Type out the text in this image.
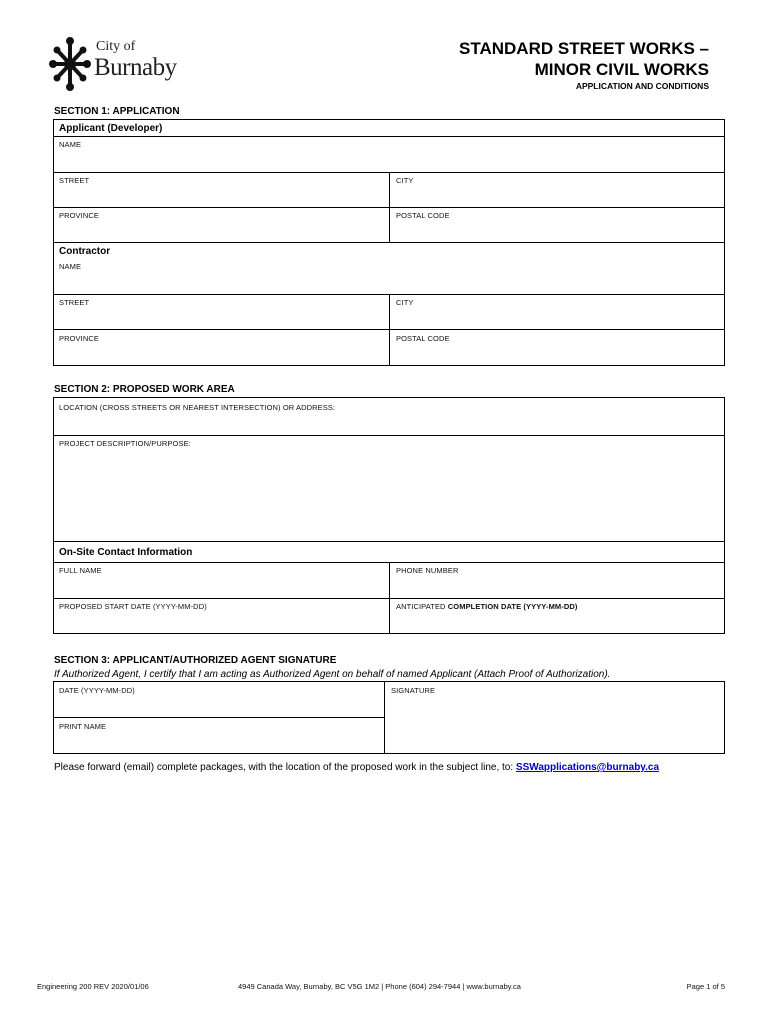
City of
Burnaby
STANDARD STREET WORKS –
MINOR CIVIL WORKS
APPLICATION AND CONDITIONS
SECTION 1: APPLICATION
Applicant (Developer)
NAME
STREET	CITY
PROVINCE	POSTAL CODE
Contractor
NAME
STREET	CITY
PROVINCE	POSTAL CODE
SECTION 2: PROPOSED WORK AREA
LOCATION (CROSS STREETS OR NEAREST INTERSECTION) OR ADDRESS:
PROJECT DESCRIPTION/PURPOSE:
On-Site Contact Information
FULL NAME	PHONE NUMBER
PROPOSED START DATE (YYYY-MM-DD)	ANTICIPATED COMPLETION DATE (YYYY-MM-DD)
SECTION 3: APPLICANT/AUTHORIZED AGENT SIGNATURE
If Authorized Agent, I certify that I am acting as Authorized Agent on behalf of named Applicant (Attach Proof of Authorization).
DATE (YYYY-MM-DD)	SIGNATURE
PRINT NAME
Please forward (email) complete packages, with the location of the proposed work in the subject line, to: SSWapplications@burnaby.ca
Engineering 200 REV 2020/01/06	4949 Canada Way, Burnaby, BC V5G 1M2 | Phone (604) 294-7944 | www.burnaby.ca	Page 1 of 5
